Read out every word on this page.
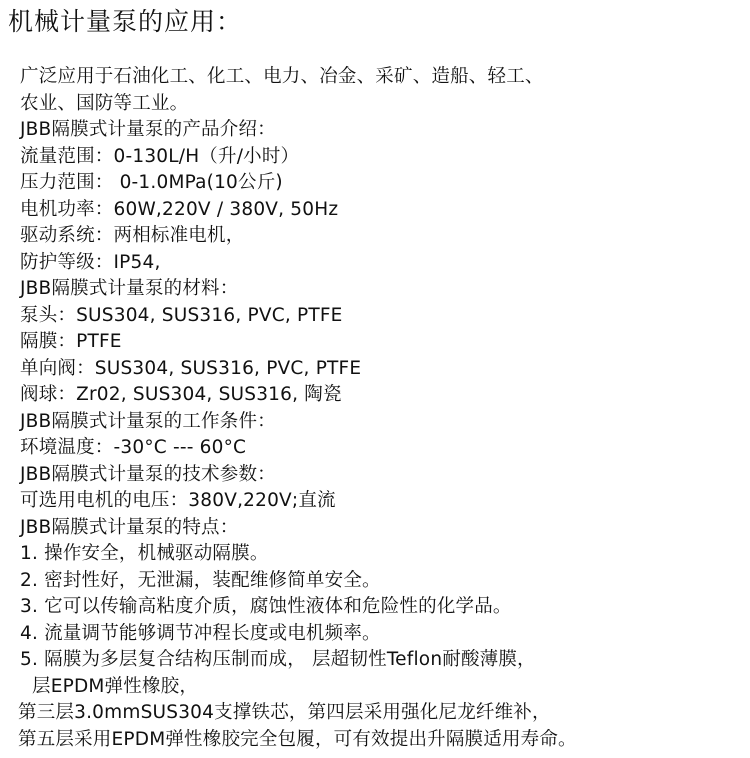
机械计量泵的应用：
广泛应用于石油化工、化工、电力、冶金、采矿、造船、轻工、
农业、国防等工业。
JBB隔膜式计量泵的产品介绍：
流量范围：0-130L/H（升/小时）
压力范围： 0-1.0MPa(10公斤)
电机功率：60W,220V / 380V, 50Hz
驱动系统：两相标准电机，
防护等级：IP54,
JBB隔膜式计量泵的材料：
泵头：SUS304, SUS316, PVC, PTFE
隔膜：PTFE
单向阀：SUS304, SUS316, PVC, PTFE
阀球：Zr02, SUS304, SUS316, 陶瓷
JBB隔膜式计量泵的工作条件：
环境温度：-30°C --- 60°C
JBB隔膜式计量泵的技术参数：
可选用电机的电压：380V,220V;直流
JBB隔膜式计量泵的特点：
1. 操作安全，机械驱动隔膜。
2. 密封性好，无泄漏，装配维修简单安全。
3. 它可以传输高粘度介质，腐蚀性液体和危险性的化学品。
4. 流量调节能够调节冲程长度或电机频率。
5. 隔膜为多层复合结构压制而成， 层超韧性Teflon耐酸薄膜，
层EPDM弹性橡胶，
第三层3.0mmSUS304支撑铁芯，第四层采用强化尼龙纤维补，
第五层采用EPDM弹性橡胶完全包履，可有效提出升隔膜适用寿命。
